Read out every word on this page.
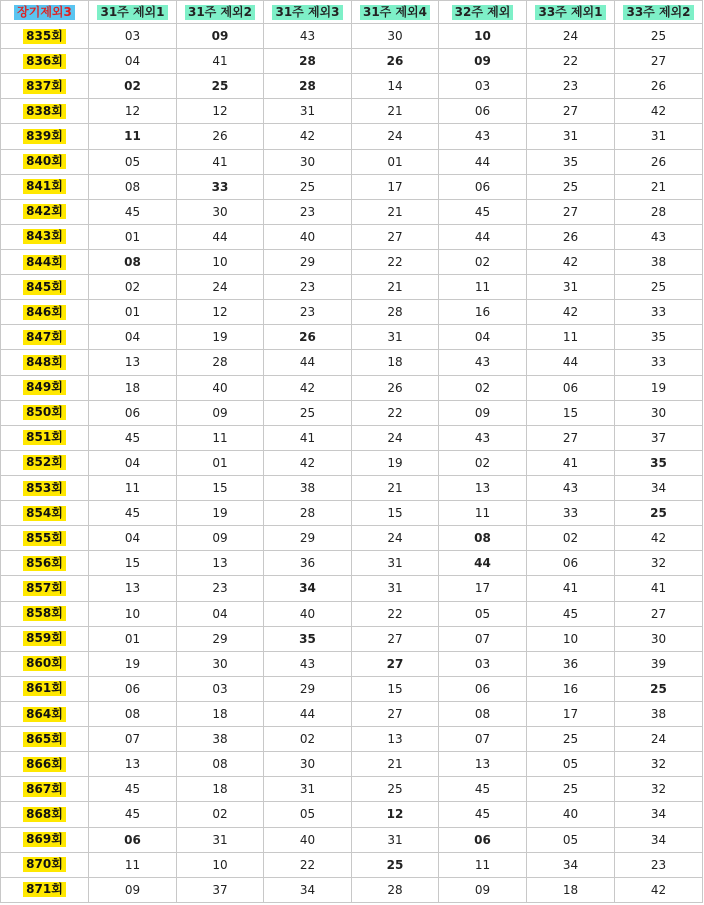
장기제외3	31주 제외1	31주 제외2	31주 제외3	31주 제외4	32주 제외	33주 제외1	33주 제외2
835회	03	09	43	30	10	24	25
836회	04	41	28	26	09	22	27
837회	02	25	28	14	03	23	26
838회	12	12	31	21	06	27	42
839회	11	26	42	24	43	31	31
840회	05	41	30	01	44	35	26
841회	08	33	25	17	06	25	21
842회	45	30	23	21	45	27	28
843회	01	44	40	27	44	26	43
844회	08	10	29	22	02	42	38
845회	02	24	23	21	11	31	25
846회	01	12	23	28	16	42	33
847회	04	19	26	31	04	11	35
848회	13	28	44	18	43	44	33
849회	18	40	42	26	02	06	19
850회	06	09	25	22	09	15	30
851회	45	11	41	24	43	27	37
852회	04	01	42	19	02	41	35
853회	11	15	38	21	13	43	34
854회	45	19	28	15	11	33	25
855회	04	09	29	24	08	02	42
856회	15	13	36	31	44	06	32
857회	13	23	34	31	17	41	41
858회	10	04	40	22	05	45	27
859회	01	29	35	27	07	10	30
860회	19	30	43	27	03	36	39
861회	06	03	29	15	06	16	25
864회	08	18	44	27	08	17	38
865회	07	38	02	13	07	25	24
866회	13	08	30	21	13	05	32
867회	45	18	31	25	45	25	32
868회	45	02	05	12	45	40	34
869회	06	31	40	31	06	05	34
870회	11	10	22	25	11	34	23
871회	09	37	34	28	09	18	42
